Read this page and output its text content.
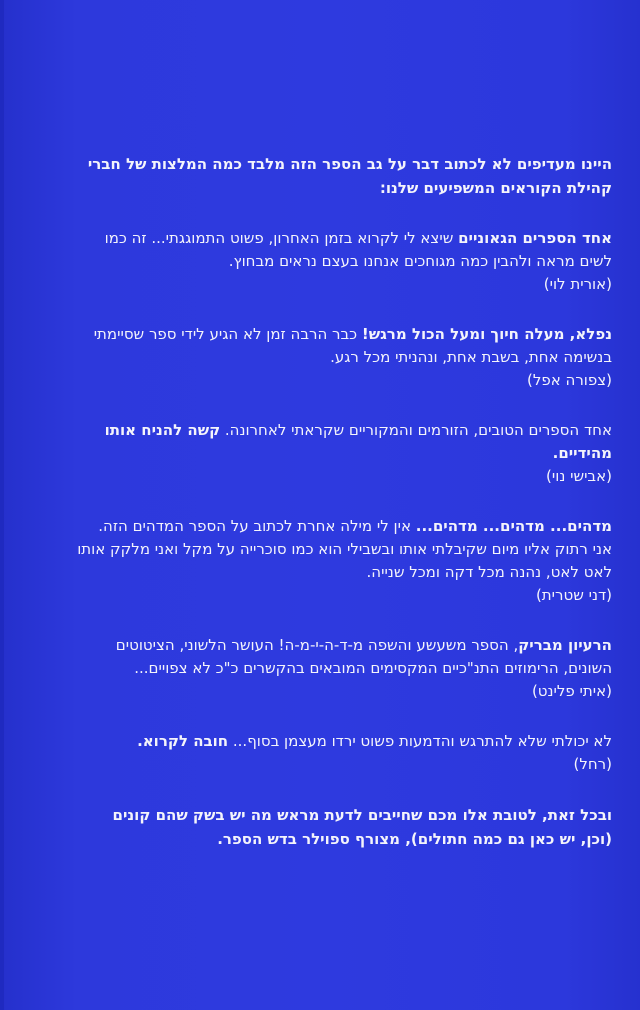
היינו מעדיפים לא לכתוב דבר על גב הספר הזה מלבד כמה המלצות של חברי קהילת הקוראים המשפיעים שלנו:

אחד הספרים הגאוניים שיצא לי לקרוא בזמן האחרון, פשוט התמוגגתי... זה כמו לשים מראה ולהבין כמה מגוחכים אנחנו בעצם נראים מבחוץ.

(אורית לוי)

נפלא, מעלה חיוך ומעל הכול מרגש! כבר הרבה זמן לא הגיע לידי ספר שסיימתי בנשימה אחת, בשבת אחת, ונהניתי מכל רגע.

(צפורה אפל)

אחד הספרים הטובים, הזורמים והמקוריים שקראתי לאחרונה. קשה להניח אותו מהידיים.

(אבישי נוי)

מדהים... מדהים... מדהים... אין לי מילה אחרת לכתוב על הספר המדהים הזה. אני רתוק אליו מיום שקיבלתי אותו ובשבילי הוא כמו סוכרייה על מקל ואני מלקק אותו לאט לאט, נהנה מכל דקה ומכל שנייה.

(דני שטרית)

הרעיון מבריק, הספר משעשע והשפה מ-ד-ה-י-מ-ה! העושר הלשוני, הציטוטים השונים, הרימוזים התנ"כיים המקסימים המובאים בהקשרים כ"כ לא צפויים...

(איתי פלינט)

לא יכולתי שלא להתרגש והדמעות פשוט ירדו מעצמן בסוף... חובה לקרוא.

(רחל)

ובכל זאת, לטובת אלו מכם שחייבים לדעת מראש מה יש בשק שהם קונים (וכן, יש כאן גם כמה חתולים), מצורף ספוילר בדש הספר.
